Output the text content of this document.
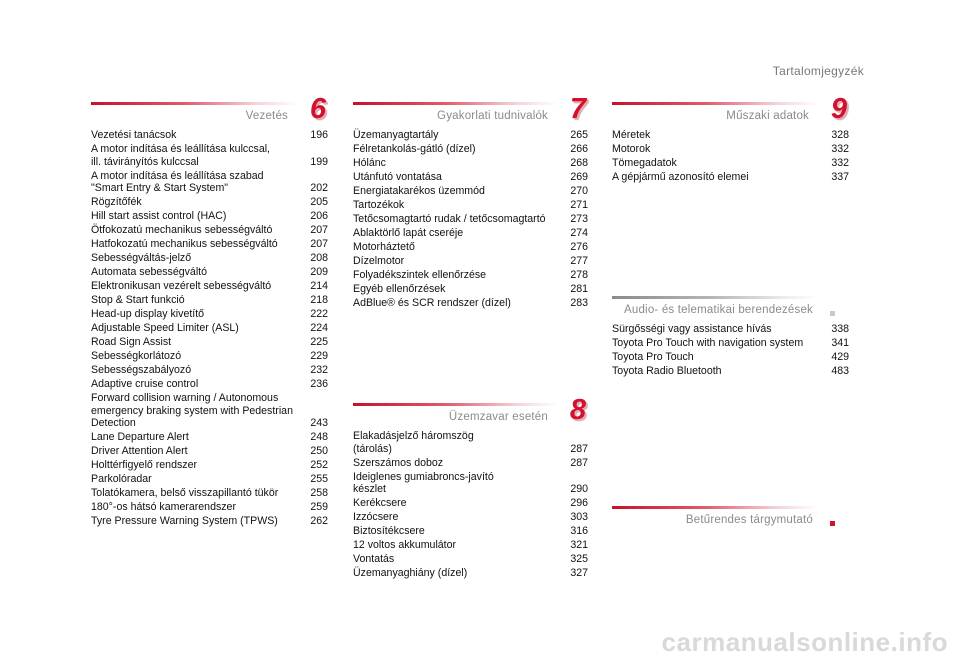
Tartalomjegyzék
Vezetés 6
Vezetési tanácsok	196
A motor indítása és leállítása kulccsal,
ill. távirányítós kulccsal	199
A motor indítása és leállítása szabad
"Smart Entry & Start System"	202
Rögzítőfék	205
Hill start assist control (HAC)	206
Ötfokozatú mechanikus sebességváltó	207
Hatfokozatú mechanikus sebességváltó	207
Sebességváltás-jelző	208
Automata sebességváltó	209
Elektronikusan vezérelt sebességváltó	214
Stop & Start funkció	218
Head-up display kivetítő	222
Adjustable Speed Limiter (ASL)	224
Road Sign Assist	225
Sebességkorlátozó	229
Sebességszabályozó	232
Adaptive cruise control	236
Forward collision warning / Autonomous
emergency braking system with Pedestrian
Detection	243
Lane Departure Alert	248
Driver Attention Alert	250
Holttérfigyelő rendszer	252
Parkolóradar	255
Tolatókamera, belső visszapillantó tükör	258
180°-os hátsó kamerarendszer	259
Tyre Pressure Warning System (TPWS)	262
Gyakorlati tudnivalók 7
Üzemanyagtartály	265
Félretankolás-gátló (dízel)	266
Hólánc	268
Utánfutó vontatása	269
Energiatakarékos üzemmód	270
Tartozékok	271
Tetőcsomagtartó rudak / tetőcsomagtartó	273
Ablaktörlő lapát cseréje	274
Motorháztető	276
Dízelmotor	277
Folyadékszintek ellenőrzése	278
Egyéb ellenőrzések	281
AdBlue® és SCR rendszer (dízel)	283
Üzemzavar esetén 8
Elakadásjelző háromszög
(tárolás)	287
Szerszámos doboz	287
Ideiglenes gumiabroncs-javító
készlet	290
Kerékcsere	296
Izzócsere	303
Biztosítékcsere	316
12 voltos akkumulátor	321
Vontatás	325
Üzemanyaghiány (dízel)	327
Műszaki adatok 9
Méretek	328
Motorok	332
Tömegadatok	332
A gépjármű azonosító elemei	337
Audio- és telematikai berendezések
Sürgősségi vagy assistance hívás	338
Toyota Pro Touch with navigation system	341
Toyota Pro Touch	429
Toyota Radio Bluetooth	483
Betűrendes tárgymutató
carmanualsonline.info
